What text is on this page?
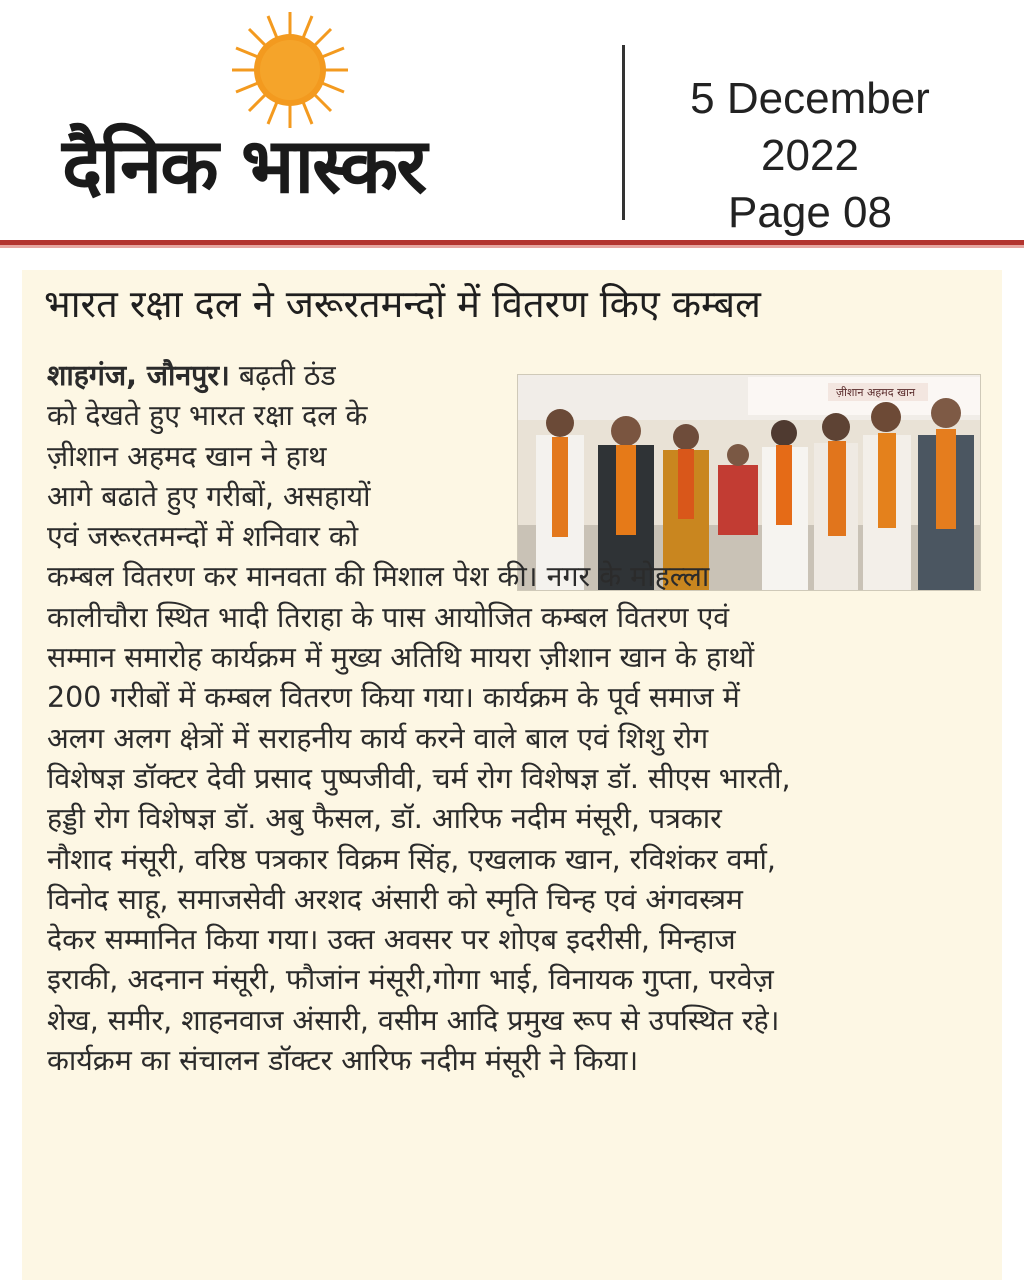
दैनिक भास्कर
5 December 2022
Page 08
भारत रक्षा दल ने जरूरतमन्दों में वितरण किए कम्बल
ज़ीशान अहमद खान
शाहगंज, जौनपुर। बढ़ती ठंड
को देखते हुए भारत रक्षा दल के
ज़ीशान अहमद खान ने हाथ
आगे बढाते हुए गरीबों, असहायों
एवं जरूरतमन्दों में शनिवार को
कम्बल वितरण कर मानवता की मिशाल पेश की। नगर के मोहल्ला
कालीचौरा स्थित भादी तिराहा के पास आयोजित कम्बल वितरण एवं
सम्मान समारोह कार्यक्रम में मुख्य अतिथि मायरा ज़ीशान खान के हाथों
200 गरीबों में कम्बल वितरण किया गया। कार्यक्रम के पूर्व समाज में
अलग अलग क्षेत्रों में सराहनीय कार्य करने वाले बाल एवं शिशु रोग
विशेषज्ञ डॉक्टर देवी प्रसाद पुष्पजीवी, चर्म रोग विशेषज्ञ डॉ. सीएस भारती,
हड्डी रोग विशेषज्ञ डॉ. अबु फैसल, डॉ. आरिफ नदीम मंसूरी, पत्रकार
नौशाद मंसूरी, वरिष्ठ पत्रकार विक्रम सिंह, एखलाक खान, रविशंकर वर्मा,
विनोद साहू, समाजसेवी अरशद अंसारी को स्मृति चिन्ह एवं अंगवस्त्रम
देकर सम्मानित किया गया। उक्त अवसर पर शोएब इदरीसी, मिन्हाज
इराकी, अदनान मंसूरी, फौजांन मंसूरी,गोगा भाई, विनायक गुप्ता, परवेज़
शेख, समीर, शाहनवाज अंसारी, वसीम आदि प्रमुख रूप से उपस्थित रहे।
कार्यक्रम का संचालन डॉक्टर आरिफ नदीम मंसूरी ने किया।
